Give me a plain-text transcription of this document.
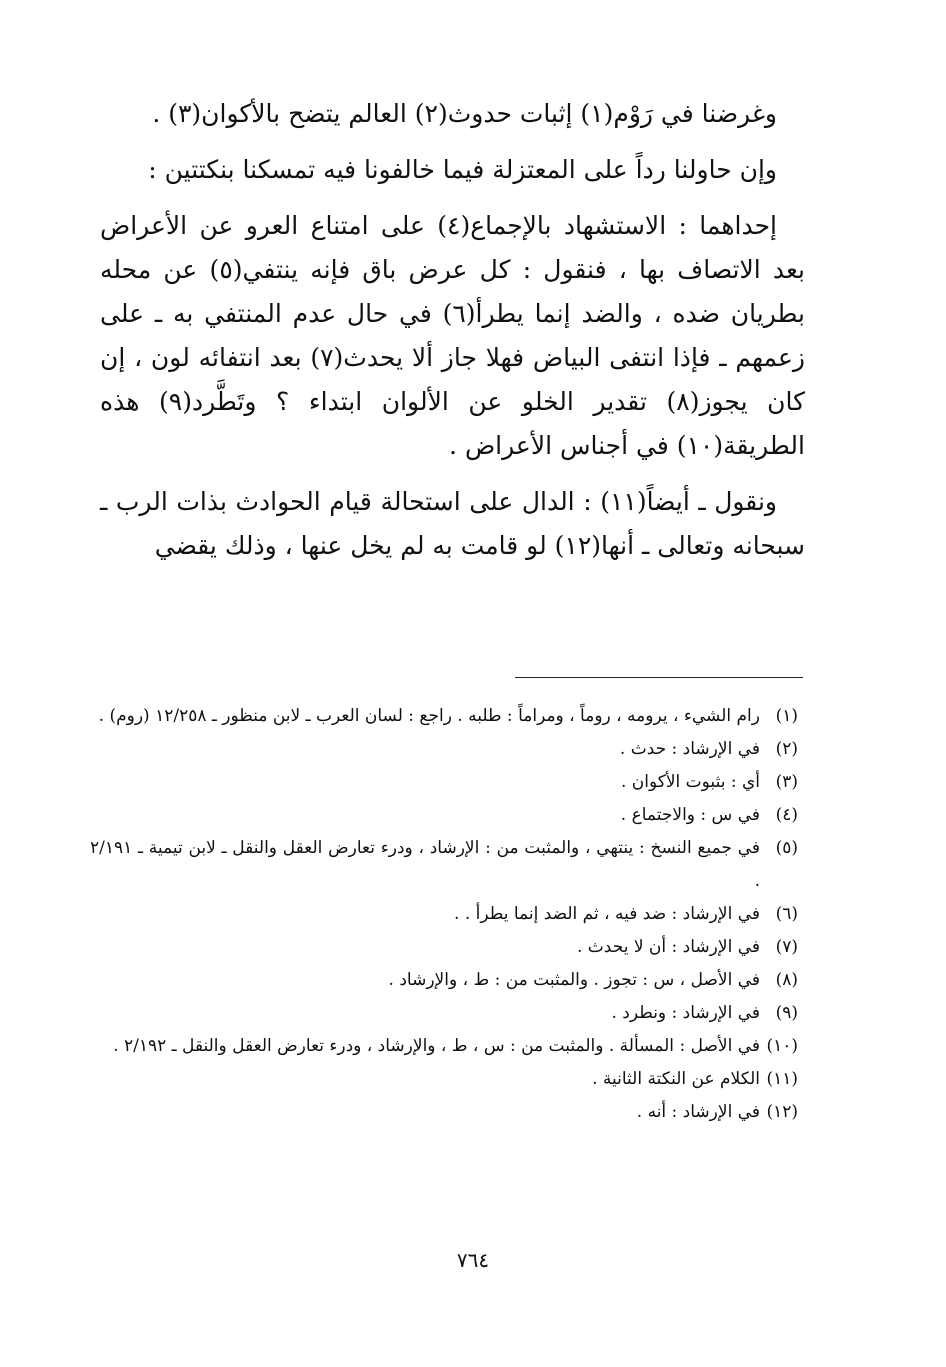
وغرضنا في رَوْم(١) إثبات حدوث(٢) العالم يتضح بالأكوان(٣) .

وإن حاولنا رداً على المعتزلة فيما خالفونا فيه تمسكنا بنكتتين :

إحداهما : الاستشهاد بالإجماع(٤) على امتناع العرو عن الأعراض بعد الاتصاف بها ، فنقول : كل عرض باق فإنه ينتفي(٥) عن محله بطريان ضده ، والضد إنما يطرأ(٦) في حال عدم المنتفي به ـ على زعمهم ـ فإذا انتفى البياض فهلا جاز ألا يحدث(٧) بعد انتفائه لون ، إن كان يجوز(٨) تقدير الخلو عن الألوان ابتداء ؟ وتَطَّرد(٩) هذه الطريقة(١٠) في أجناس الأعراض .

ونقول ـ أيضاً(١١) : الدال على استحالة قيام الحوادث بذات الرب ـ سبحانه وتعالى ـ أنها(١٢) لو قامت به لم يخل عنها ، وذلك يقضي

(١)
رام الشيء ، يرومه ، روماً ، ومراماً : طلبه . راجع : لسان العرب ـ لابن منظور ـ ١٢/٢٥٨ (روم) .
(٢)
في الإرشاد : حدث .
(٣)
أي : بثبوت الأكوان .
(٤)
في س : والاجتماع .
(٥)
في جميع النسخ : ينتهي ، والمثبت من : الإرشاد ، ودرء تعارض العقل والنقل ـ لابن تيمية ـ ٢/١٩١ .
(٦)
في الإرشاد : ضد فيه ، ثم الضد إنما يطرأ . .
(٧)
في الإرشاد : أن لا يحدث .
(٨)
في الأصل ، س : تجوز . والمثبت من : ط ، والإرشاد .
(٩)
في الإرشاد : ونطرد .
(١٠)
في الأصل : المسألة . والمثبت من : س ، ط ، والإرشاد ، ودرء تعارض العقل والنقل ـ ٢/١٩٢ .
(١١)
الكلام عن النكتة الثانية .
(١٢)
في الإرشاد : أنه .
٧٦٤
